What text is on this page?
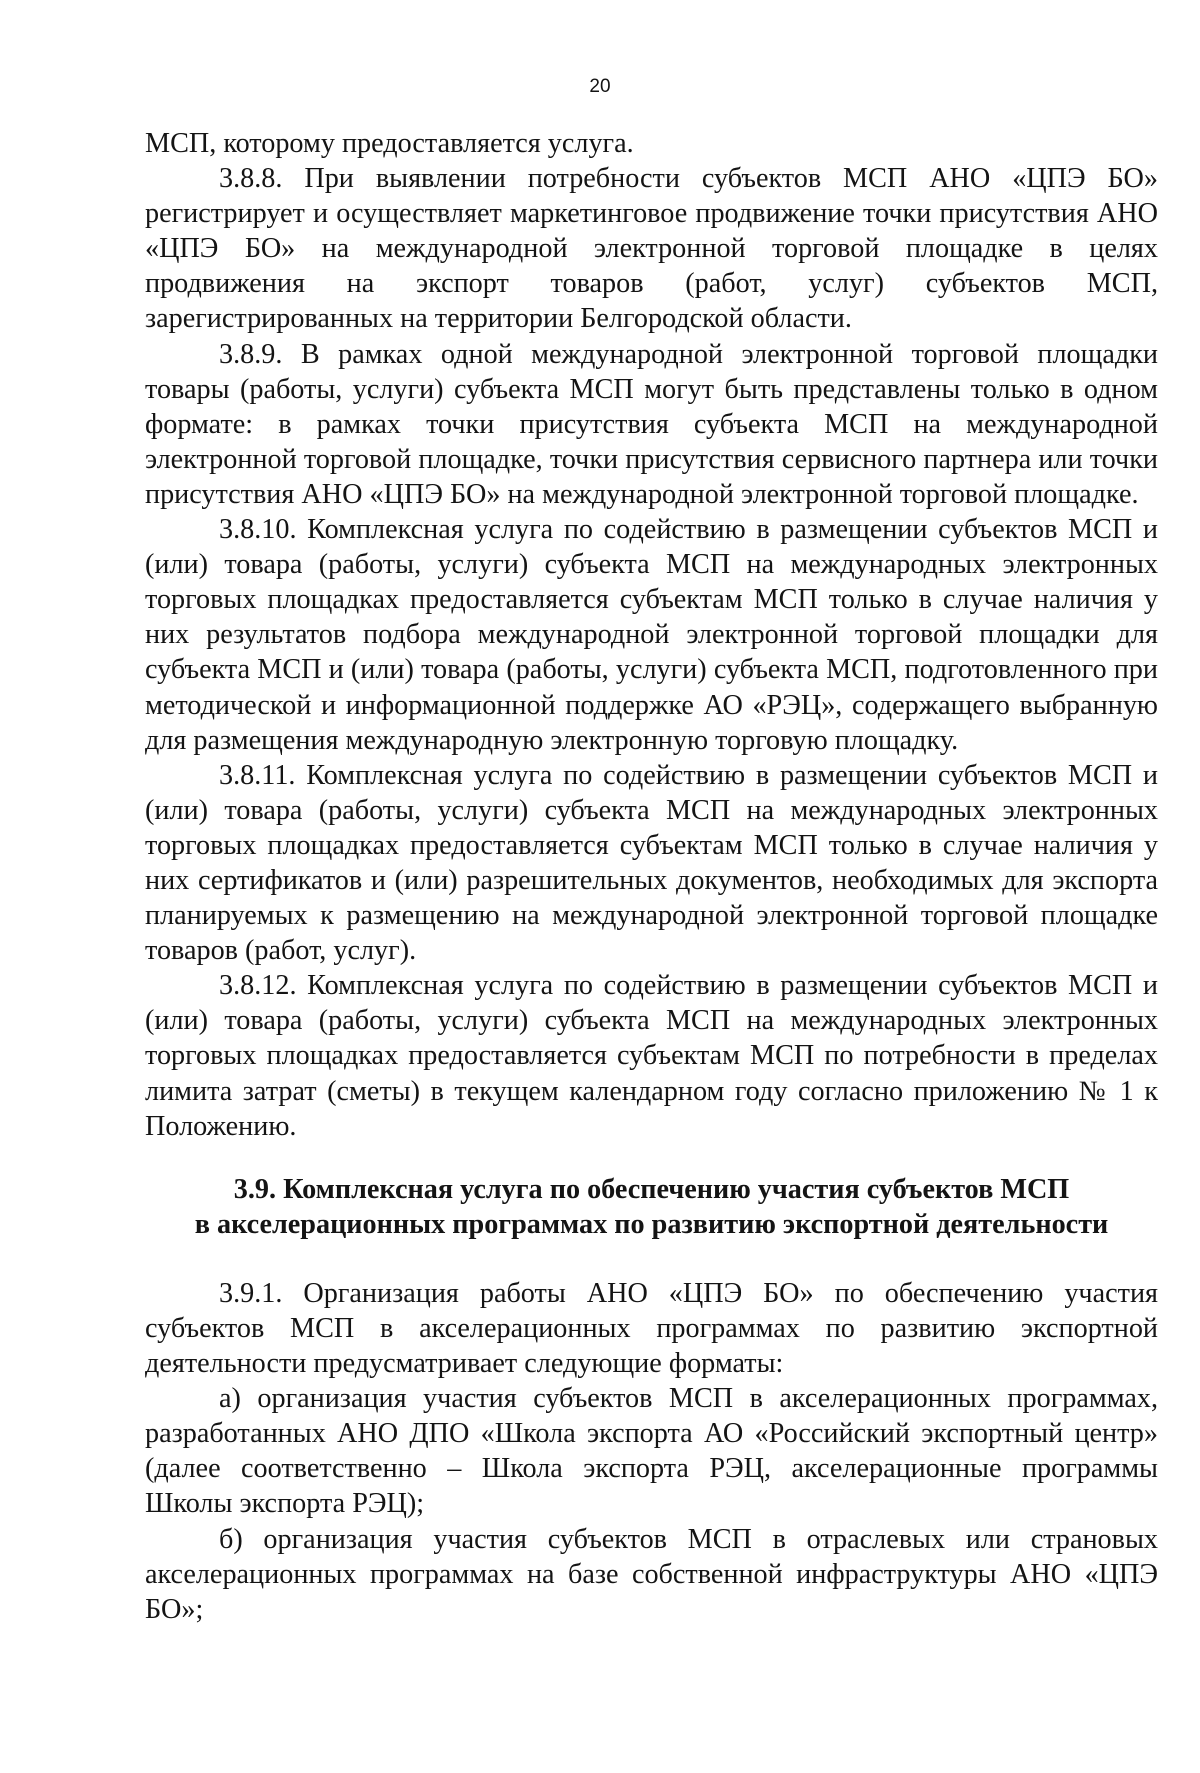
20

МСП, которому предоставляется услуга.

3.8.8. При выявлении потребности субъектов МСП АНО «ЦПЭ БО» регистрирует и осуществляет маркетинговое продвижение точки присутствия АНО «ЦПЭ БО» на международной электронной торговой площадке в целях продвижения на экспорт товаров (работ, услуг) субъектов МСП, зарегистрированных на территории Белгородской области.

3.8.9. В рамках одной международной электронной торговой площадки товары (работы, услуги) субъекта МСП могут быть представлены только в одном формате: в рамках точки присутствия субъекта МСП на международной электронной торговой площадке, точки присутствия сервисного партнера или точки присутствия АНО «ЦПЭ БО» на международной электронной торговой площадке.

3.8.10. Комплексная услуга по содействию в размещении субъектов МСП и (или) товара (работы, услуги) субъекта МСП на международных электронных торговых площадках предоставляется субъектам МСП только в случае наличия у них результатов подбора международной электронной торговой площадки для субъекта МСП и (или) товара (работы, услуги) субъекта МСП, подготовленного при методической и информационной поддержке АО «РЭЦ», содержащего выбранную для размещения международную электронную торговую площадку.

3.8.11. Комплексная услуга по содействию в размещении субъектов МСП и (или) товара (работы, услуги) субъекта МСП на международных электронных торговых площадках предоставляется субъектам МСП только в случае наличия у них сертификатов и (или) разрешительных документов, необходимых для экспорта планируемых к размещению на международной электронной торговой площадке товаров (работ, услуг).

3.8.12. Комплексная услуга по содействию в размещении субъектов МСП и (или) товара (работы, услуги) субъекта МСП на международных электронных торговых площадках предоставляется субъектам МСП по потребности в пределах лимита затрат (сметы) в текущем календарном году согласно приложению № 1 к Положению.

3.9. Комплексная услуга по обеспечению участия субъектов МСП
в акселерационных программах по развитию экспортной деятельности

3.9.1. Организация работы АНО «ЦПЭ БО» по обеспечению участия субъектов МСП в акселерационных программах по развитию экспортной деятельности предусматривает следующие форматы:

а) организация участия субъектов МСП в акселерационных программах, разработанных АНО ДПО «Школа экспорта АО «Российский экспортный центр» (далее соответственно – Школа экспорта РЭЦ, акселерационные программы Школы экспорта РЭЦ);

б) организация участия субъектов МСП в отраслевых или страновых акселерационных программах на базе собственной инфраструктуры АНО «ЦПЭ БО»;
